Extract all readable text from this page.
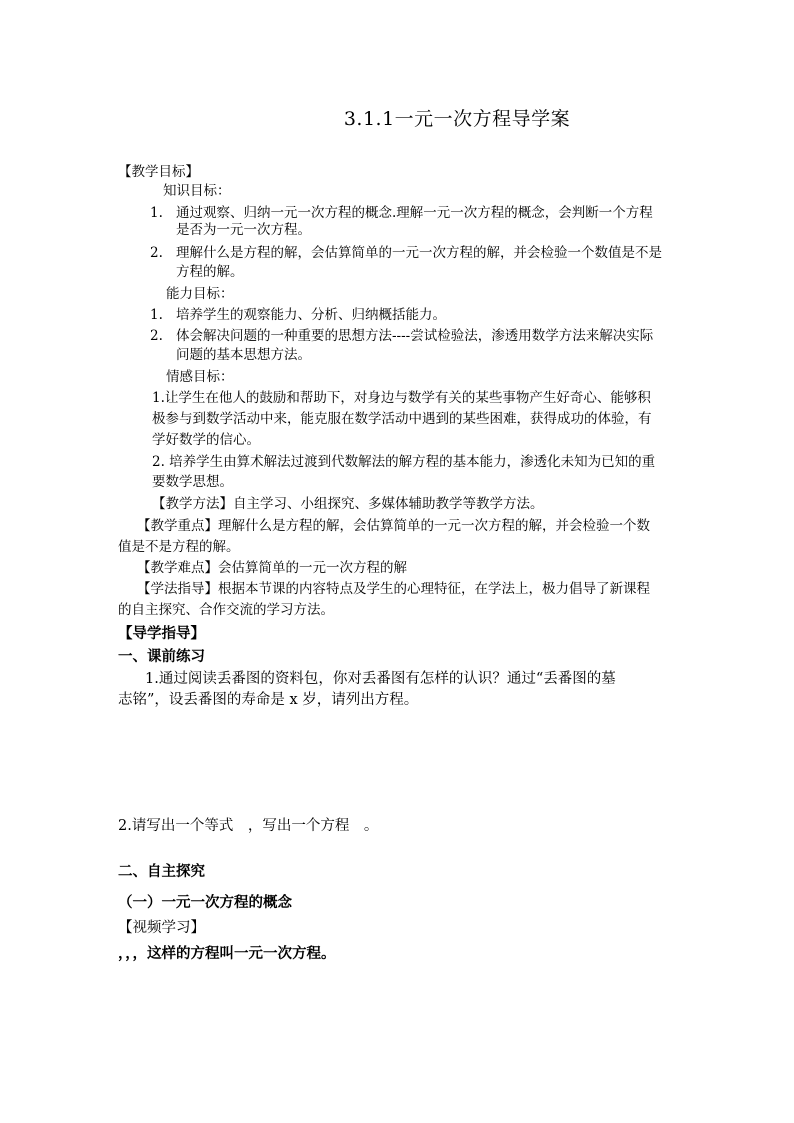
3.1.1一元一次方程导学案
【教学目标】
知识目标：
1. 通过观察、归纳一元一次方程的概念.理解一元一次方程的概念，会判断一个方程
是否为一元一次方程。
2. 理解什么是方程的解，会估算简单的一元一次方程的解，并会检验一个数值是不是
方程的解。
能力目标：
1. 培养学生的观察能力、分析、归纳概括能力。
2. 体会解决问题的一种重要的思想方法----尝试检验法，渗透用数学方法来解决实际
问题的基本思想方法。
情感目标：
1.让学生在他人的鼓励和帮助下，对身边与数学有关的某些事物产生好奇心、能够积
极参与到数学活动中来，能克服在数学活动中遇到的某些困难，获得成功的体验，有
学好数学的信心。
2. 培养学生由算术解法过渡到代数解法的解方程的基本能力，渗透化未知为已知的重
要数学思想。
【教学方法】自主学习、小组探究、多媒体辅助教学等教学方法。
【教学重点】理解什么是方程的解，会估算简单的一元一次方程的解，并会检验一个数
值是不是方程的解。
【教学难点】会估算简单的一元一次方程的解
【学法指导】根据本节课的内容特点及学生的心理特征，在学法上，极力倡导了新课程
的自主探究、合作交流的学习方法。
【导学指导】
一、课前练习
1.通过阅读丢番图的资料包，你对丢番图有怎样的认识？通过“丢番图的墓
志铭”，设丢番图的寿命是 x 岁，请列出方程。
2.请写出一个等式　，写出一个方程　。
二、自主探究
（一）一元一次方程的概念
【视频学习】
，，，这样的方程叫一元一次方程。
